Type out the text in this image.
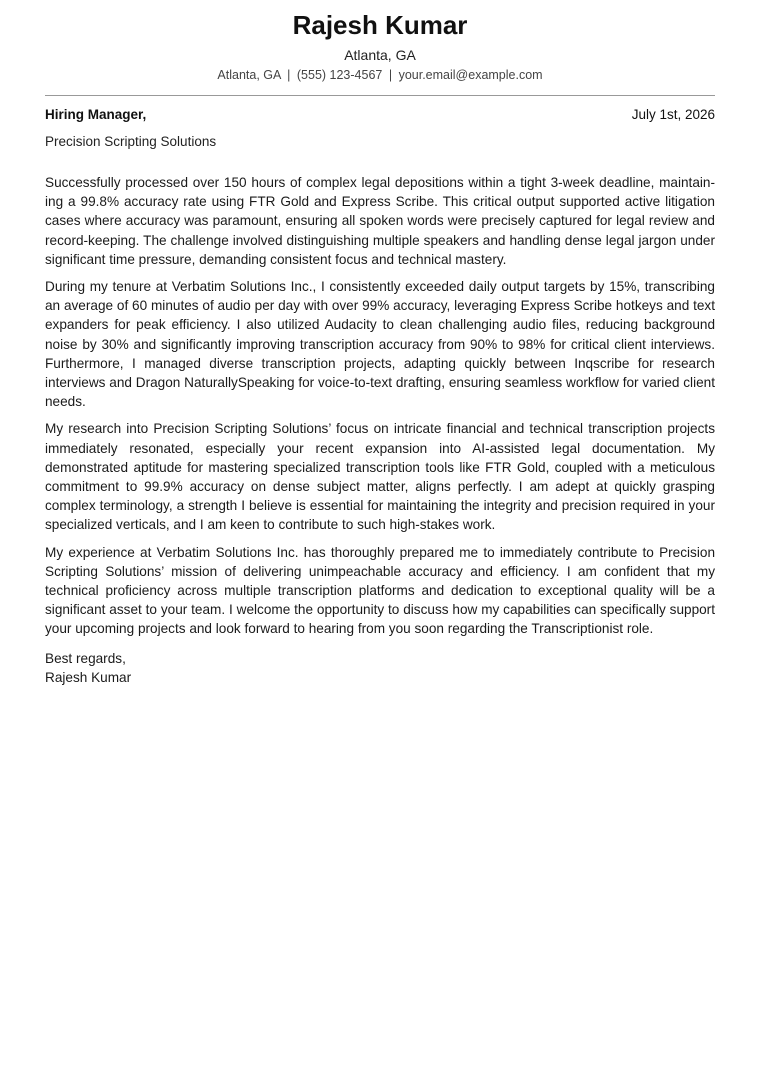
Rajesh Kumar
Atlanta, GA
Atlanta, GA | (555) 123-4567 | your.email@example.com
Hiring Manager,	July 1st, 2026
Precision Scripting Solutions

Successfully processed over 150 hours of complex legal depositions within a tight 3-week deadline, maintaining a 99.8% accuracy rate using FTR Gold and Express Scribe. This critical output supported active litigation cases where accuracy was paramount, ensuring all spoken words were precisely captured for legal review and record-keeping. The challenge involved distinguishing multiple speakers and handling dense legal jargon under significant time pressure, demanding consistent focus and technical mastery.

During my tenure at Verbatim Solutions Inc., I consistently exceeded daily output targets by 15%, transcribing an average of 60 minutes of audio per day with over 99% accuracy, leveraging Express Scribe hotkeys and text expanders for peak efficiency. I also utilized Audacity to clean challenging audio files, reducing background noise by 30% and significantly improving transcription accuracy from 90% to 98% for critical client interviews. Furthermore, I managed diverse transcription projects, adapting quickly between Inqscribe for research interviews and Dragon NaturallySpeaking for voice-to-text drafting, ensuring seamless workflow for varied client needs.

My research into Precision Scripting Solutions’ focus on intricate financial and technical transcription projects immediately resonated, especially your recent expansion into AI-assisted legal documentation. My demonstrated aptitude for mastering specialized transcription tools like FTR Gold, coupled with a meticulous commitment to 99.9% accuracy on dense subject matter, aligns perfectly. I am adept at quickly grasping complex terminology, a strength I believe is essential for maintaining the integrity and precision required in your specialized verticals, and I am keen to contribute to such high-stakes work.

My experience at Verbatim Solutions Inc. has thoroughly prepared me to immediately contribute to Precision Scripting Solutions’ mission of delivering unimpeachable accuracy and efficiency. I am confident that my technical proficiency across multiple transcription platforms and dedication to exceptional quality will be a significant asset to your team. I welcome the opportunity to discuss how my capabilities can specifically support your upcoming projects and look forward to hearing from you soon regarding the Transcriptionist role.

Best regards,
Rajesh Kumar
